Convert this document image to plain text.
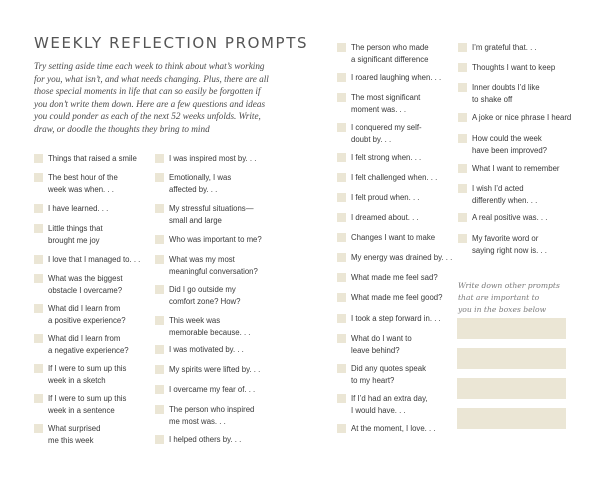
WEEKLY REFLECTION PROMPTS
Try setting aside time each week to think about what’s working for you, what isn’t, and what needs changing. Plus, there are all those special moments in life that can so easily be forgotten if you don’t write them down. Here are a few questions and ideas you could ponder as each of the next 52 weeks unfolds. Write, draw, or doodle the thoughts they bring to mind
Things that raised a smile
The best hour of the
week was when. . .
I have learned. . .
Little things that
brought me joy
I love that I managed to. . .
What was the biggest
obstacle I overcame?
What did I learn from
a positive experience?
What did I learn from
a negative experience?
If I were to sum up this
week in a sketch
If I were to sum up this
week in a sentence
What surprised
me this week
I was inspired most by. . .
Emotionally, I was
affected by. . .
My stressful situations—
small and large
Who was important to me?
What was my most
meaningful conversation?
Did I go outside my
comfort zone? How?
This week was
memorable because. . .
I was motivated by. . .
My spirits were lifted by. . .
I overcame my fear of. . .
The person who inspired
me most was. . .
I helped others by. . .
The person who made
a significant difference
I roared laughing when. . .
The most significant
moment was. . .
I conquered my self-
doubt by. . .
I felt strong when. . .
I felt challenged when. . .
I felt proud when. . .
I dreamed about. . .
Changes I want to make
My energy was drained by. . .
What made me feel sad?
What made me feel good?
I took a step forward in. . .
What do I want to
leave behind?
Did any quotes speak
to my heart?
If I’d had an extra day,
I would have. . .
At the moment, I love. . .
I’m grateful that. . .
Thoughts I want to keep
Inner doubts I’d like
to shake off
A joke or nice phrase I heard
How could the week
have been improved?
What I want to remember
I wish I’d acted
differently when. . .
A real positive was. . .
My favorite word or
saying right now is. . .
Write down other prompts
that are important to
you in the boxes below
